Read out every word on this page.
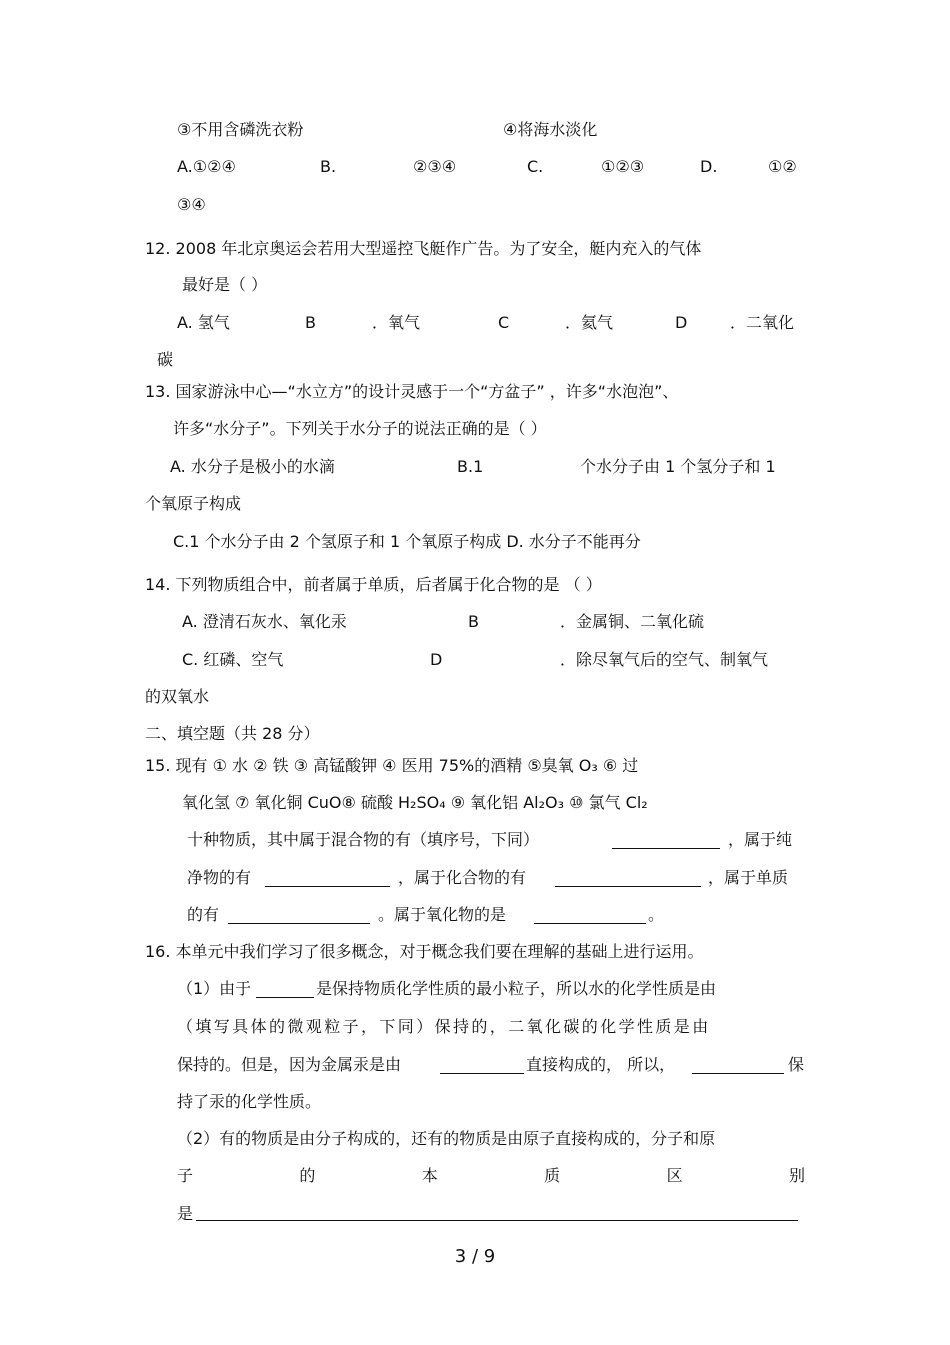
③不用含磷洗衣粉	④将海水淡化
A.①②④	B.	②③④	C.	①②③	D.	①②
③④
12. 2008 年北京奥运会若用大型遥控飞艇作广告。为了安全，艇内充入的气体
最好是（ ）
A. 氢气	B	．氧气	C	．氦气	D	．二氧化
碳
13. 国家游泳中心—“水立方”的设计灵感于一个“方盆子” ，许多“水泡泡”、
许多“水分子”。下列关于水分子的说法正确的是（ ）
A. 水分子是极小的水滴	B.1	个水分子由 1 个氢分子和 1
个氧原子构成
C.1 个水分子由 2 个氢原子和 1 个氧原子构成 D. 水分子不能再分
14. 下列物质组合中，前者属于单质，后者属于化合物的是 （ ）
A. 澄清石灰水、氧化汞	B	．金属铜、二氧化硫
C. 红磷、空气	D	．除尽氧气后的空气、制氧气
的双氧水
二、填空题（共 28 分）
15. 现有 ① 水 ② 铁 ③ 高锰酸钾 ④ 医用 75%的酒精 ⑤臭氧 O₃ ⑥ 过
氧化氢 ⑦ 氧化铜 CuO⑧ 硫酸 H₂SO₄ ⑨ 氧化铝 Al₂O₃ ⑩ 氯气 Cl₂
十种物质，其中属于混合物的有（填序号，下同）	，属于纯
净物的有	，属于化合物的有	，属于单质
的有	。属于氧化物的是	。
16. 本单元中我们学习了很多概念，对于概念我们要在理解的基础上进行运用。
（1）由于	是保持物质化学性质的最小粒子，所以水的化学性质是由
（填写具体的微观粒子，下同）保持的，二氧化碳的化学性质是由
保持的。但是，因为金属汞是由	直接构成的， 所以，	保
持了汞的化学性质。
（2）有的物质是由分子构成的，还有的物质是由原子直接构成的，分子和原
子	的	本	质	区	别
是
3 / 9
